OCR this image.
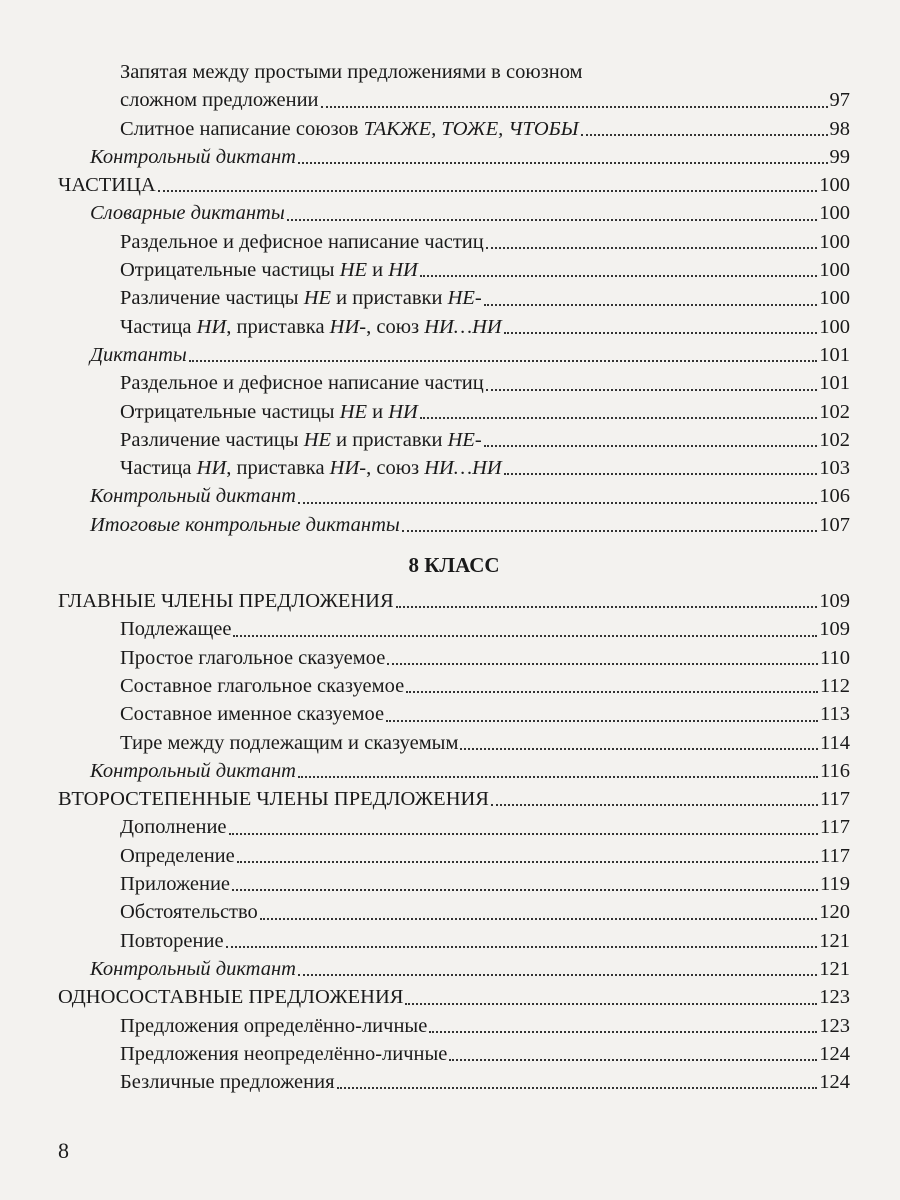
Запятая между простыми предложениями в союзном
сложном предложении	97
Слитное написание союзов ТАКЖЕ, ТОЖЕ, ЧТОБЫ	98
Контрольный диктант	99
ЧАСТИЦА	100
Словарные диктанты	100
Раздельное и дефисное написание частиц	100
Отрицательные частицы НЕ и НИ	100
Различение частицы НЕ и приставки НЕ-	100
Частица НИ, приставка НИ-, союз НИ…НИ	100
Диктанты	101
Раздельное и дефисное написание частиц	101
Отрицательные частицы НЕ и НИ	102
Различение частицы НЕ и приставки НЕ-	102
Частица НИ, приставка НИ-, союз НИ…НИ	103
Контрольный диктант	106
Итоговые контрольные диктанты	107
8 КЛАСС
ГЛАВНЫЕ ЧЛЕНЫ ПРЕДЛОЖЕНИЯ	109
Подлежащее	109
Простое глагольное сказуемое	110
Составное глагольное сказуемое	112
Составное именное сказуемое	113
Тире между подлежащим и сказуемым	114
Контрольный диктант	116
ВТОРОСТЕПЕННЫЕ ЧЛЕНЫ ПРЕДЛОЖЕНИЯ	117
Дополнение	117
Определение	117
Приложение	119
Обстоятельство	120
Повторение	121
Контрольный диктант	121
ОДНОСОСТАВНЫЕ ПРЕДЛОЖЕНИЯ	123
Предложения определённо-личные	123
Предложения неопределённо-личные	124
Безличные предложения	124
8
